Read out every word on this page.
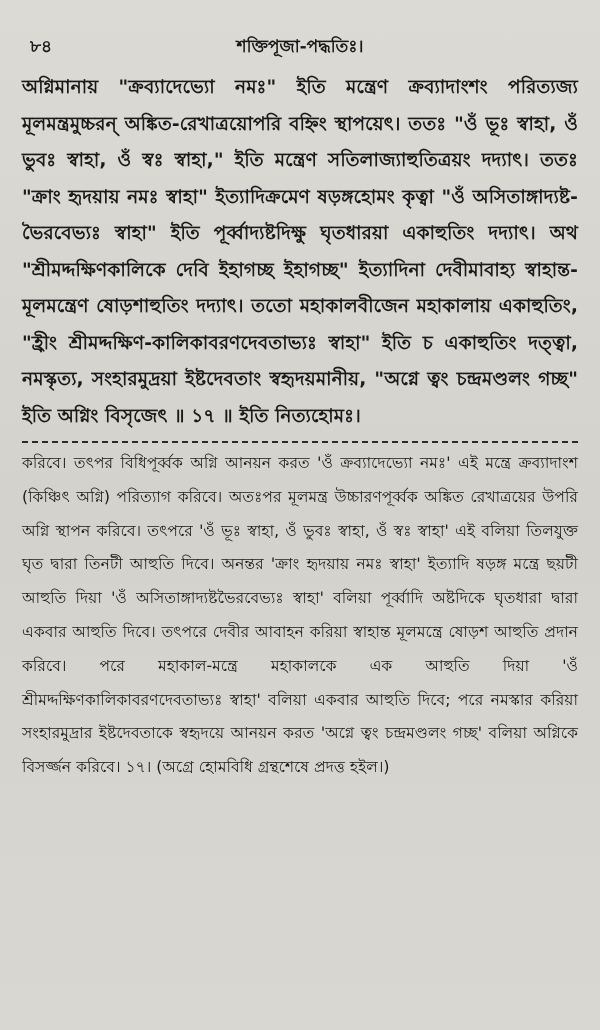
৮৪	শক্তিপূজা-পদ্ধতিঃ।

অগ্নিমানায় "ক্রব্যাদেভ্যো নমঃ" ইতি মন্ত্রেণ ক্রব্যাদাংশং পরিত্যজ্য মূলমন্ত্রমুচ্চরন্ অঙ্কিত-রেখাত্রয়োপরি বহ্নিং স্থাপয়েৎ। ততঃ "ওঁ ভূঃ স্বাহা, ওঁ ভুবঃ স্বাহা, ওঁ স্বঃ স্বাহা," ইতি মন্ত্রেণ সতিলাজ্যাহুতিত্রয়ং দদ্যাৎ। ততঃ "ক্রাং হৃদয়ায় নমঃ স্বাহা" ইত্যাদিক্রমেণ ষড়ঙ্গহোমং কৃত্বা "ওঁ অসিতাঙ্গাদ্যষ্ট-ভৈরবেভ্যঃ স্বাহা" ইতি পূর্ব্বাদ্যষ্টদিক্ষু ঘৃতধারয়া একাহুতিং দদ্যাৎ। অথ "শ্রীমদ্দক্ষিণকালিকে দেবি ইহাগচ্ছ ইহাগচ্ছ" ইত্যাদিনা দেবীমাবাহ্য স্বাহান্ত-মূলমন্ত্রেণ ষোড়শাহুতিং দদ্যাৎ। ততো মহাকালবীজেন মহাকালায় একাহুতিং, "হ্রীং শ্রীমদ্দক্ষিণ-কালিকাবরণদেবতাভ্যঃ স্বাহা" ইতি চ একাহুতিং দত্ত্বা, নমস্কৃত্য, সংহারমুদ্রয়া ইষ্টদেবতাং স্বহৃদয়মানীয়, "অগ্নে ত্বং চন্দ্রমণ্ডলং গচ্ছ" ইতি অগ্নিং বিসৃজেৎ ॥ ১৭ ॥ ইতি নিত্যহোমঃ।

করিবে। তৎপর বিধিপূর্ব্বক অগ্নি আনয়ন করত 'ওঁ ক্রব্যাদেভ্যো নমঃ' এই মন্ত্রে ক্রব্যাদাংশ (কিঞ্চিৎ অগ্নি) পরিত্যাগ করিবে। অতঃপর মূলমন্ত্র উচ্চারণপূর্ব্বক অঙ্কিত রেখাত্রয়ের উপরি অগ্নি স্থাপন করিবে। তৎপরে 'ওঁ ভূঃ স্বাহা, ওঁ ভুবঃ স্বাহা, ওঁ স্বঃ স্বাহা' এই বলিয়া তিলযুক্ত ঘৃত দ্বারা তিনটী আহুতি দিবে। অনন্তর 'ক্রাং হৃদয়ায় নমঃ স্বাহা' ইত্যাদি ষড়ঙ্গ মন্ত্রে ছয়টী আহুতি দিয়া 'ওঁ অসিতাঙ্গাদ্যষ্টভৈরবেভ্যঃ স্বাহা' বলিয়া পূর্ব্বাদি অষ্টদিকে ঘৃতধারা দ্বারা একবার আহুতি দিবে। তৎপরে দেবীর আবাহন করিয়া স্বাহান্ত মূলমন্ত্রে ষোড়শ আহুতি প্রদান করিবে। পরে মহাকাল-মন্ত্রে মহাকালকে এক আহুতি দিয়া 'ওঁ শ্রীমদ্দক্ষিণকালিকাবরণদেবতাভ্যঃ স্বাহা' বলিয়া একবার আহুতি দিবে; পরে নমস্কার করিয়া সংহারমুদ্রার ইষ্টদেবতাকে স্বহৃদয়ে আনয়ন করত 'অগ্নে ত্বং চন্দ্রমণ্ডলং গচ্ছ' বলিয়া অগ্নিকে বিসর্জ্জন করিবে। ১৭। (অগ্রে হোমবিধি গ্রন্থশেষে প্রদত্ত হইল।)
